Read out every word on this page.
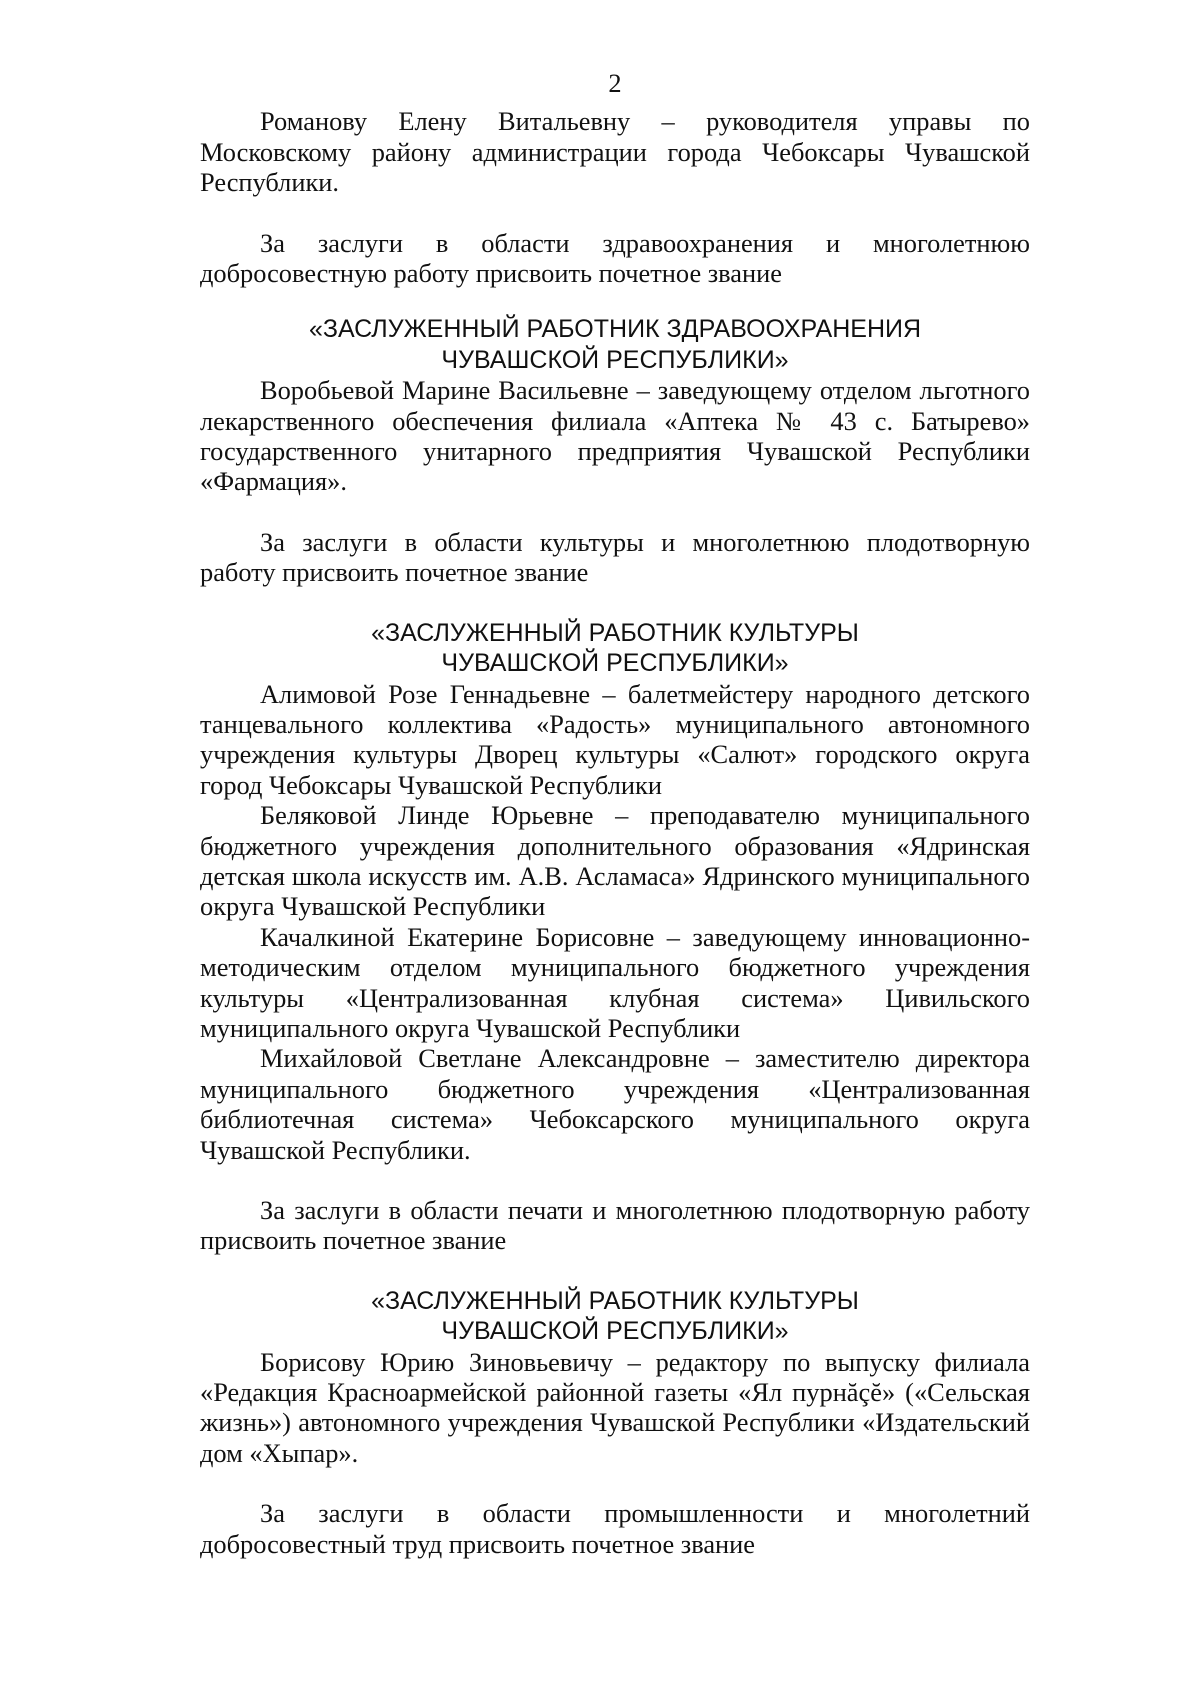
2

Романову Елену Витальевну – руководителя управы по Московскому району администрации города Чебоксары Чувашской Республики.

За заслуги в области здравоохранения и многолетнюю добросовестную работу присвоить почетное звание

«ЗАСЛУЖЕННЫЙ РАБОТНИК ЗДРАВООХРАНЕНИЯ
ЧУВАШСКОЙ РЕСПУБЛИКИ»

Воробьевой Марине Васильевне – заведующему отделом льготного лекарственного обеспечения филиала «Аптека № 43 с. Батырево» государственного унитарного предприятия Чувашской Республики «Фармация».

За заслуги в области культуры и многолетнюю плодотворную работу присвоить почетное звание

«ЗАСЛУЖЕННЫЙ РАБОТНИК КУЛЬТУРЫ
ЧУВАШСКОЙ РЕСПУБЛИКИ»

Алимовой Розе Геннадьевне – балетмейстеру народного детского танцевального коллектива «Радость» муниципального автономного учреждения культуры Дворец культуры «Салют» городского округа город Чебоксары Чувашской Республики

Беляковой Линде Юрьевне – преподавателю муниципального бюджетного учреждения дополнительного образования «Ядринская детская школа искусств им. А.В. Асламаса» Ядринского муниципального округа Чувашской Республики

Качалкиной Екатерине Борисовне – заведующему инновационно-методическим отделом муниципального бюджетного учреждения культуры «Централизованная клубная система» Цивильского муниципального округа Чувашской Республики

Михайловой Светлане Александровне – заместителю директора муниципального бюджетного учреждения «Централизованная библиотечная система» Чебоксарского муниципального округа Чувашской Республики.

За заслуги в области печати и многолетнюю плодотворную работу присвоить почетное звание

«ЗАСЛУЖЕННЫЙ РАБОТНИК КУЛЬТУРЫ
ЧУВАШСКОЙ РЕСПУБЛИКИ»

Борисову Юрию Зиновьевичу – редактору по выпуску филиала «Редакция Красноармейской районной газеты «Ял пурнăçĕ» («Сельская жизнь») автономного учреждения Чувашской Республики «Издательский дом «Хыпар».

За заслуги в области промышленности и многолетний добросовестный труд присвоить почетное звание
